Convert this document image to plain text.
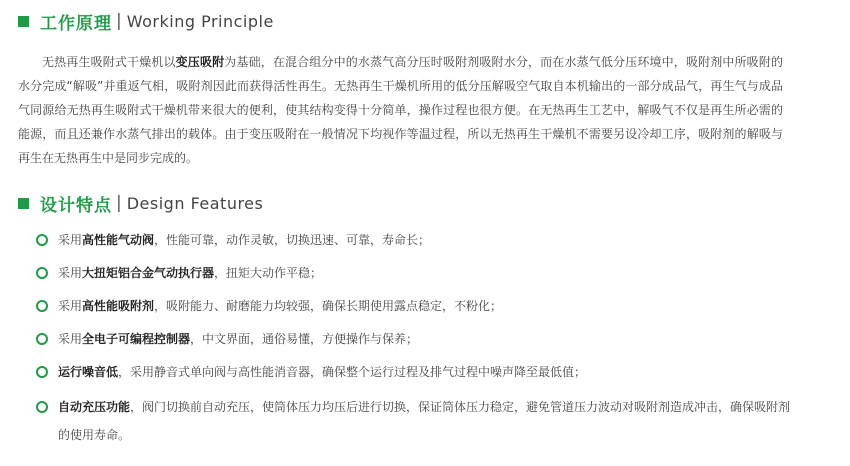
工作原理 | Working Principle

无热再生吸附式干燥机以变压吸附为基础，在混合组分中的水蒸气高分压时吸附剂吸附水分，而在水蒸气低分压环境中，吸附剂中所吸附的水分完成“解吸”并重返气相，吸附剂因此而获得活性再生。无热再生干燥机所用的低分压解吸空气取自本机输出的一部分成品气，再生气与成品气同源给无热再生吸附式干燥机带来很大的便利，使其结构变得十分简单，操作过程也很方便。在无热再生工艺中，解吸气不仅是再生所必需的能源，而且还兼作水蒸气排出的载体。由于变压吸附在一般情况下均视作等温过程，所以无热再生干燥机不需要另设冷却工序，吸附剂的解吸与再生在无热再生中是同步完成的。

设计特点 | Design Features
采用高性能气动阀，性能可靠，动作灵敏，切换迅速、可靠，寿命长；
采用大扭矩铝合金气动执行器，扭矩大动作平稳；
采用高性能吸附剂，吸附能力、耐磨能力均较强，确保长期使用露点稳定，不粉化；
采用全电子可编程控制器，中文界面，通俗易懂，方便操作与保养；
运行噪音低，采用静音式单向阀与高性能消音器，确保整个运行过程及排气过程中噪声降至最低值；
自动充压功能，阀门切换前自动充压，使筒体压力均压后进行切换，保证筒体压力稳定，避免管道压力波动对吸附剂造成冲击，确保吸附剂的使用寿命。
